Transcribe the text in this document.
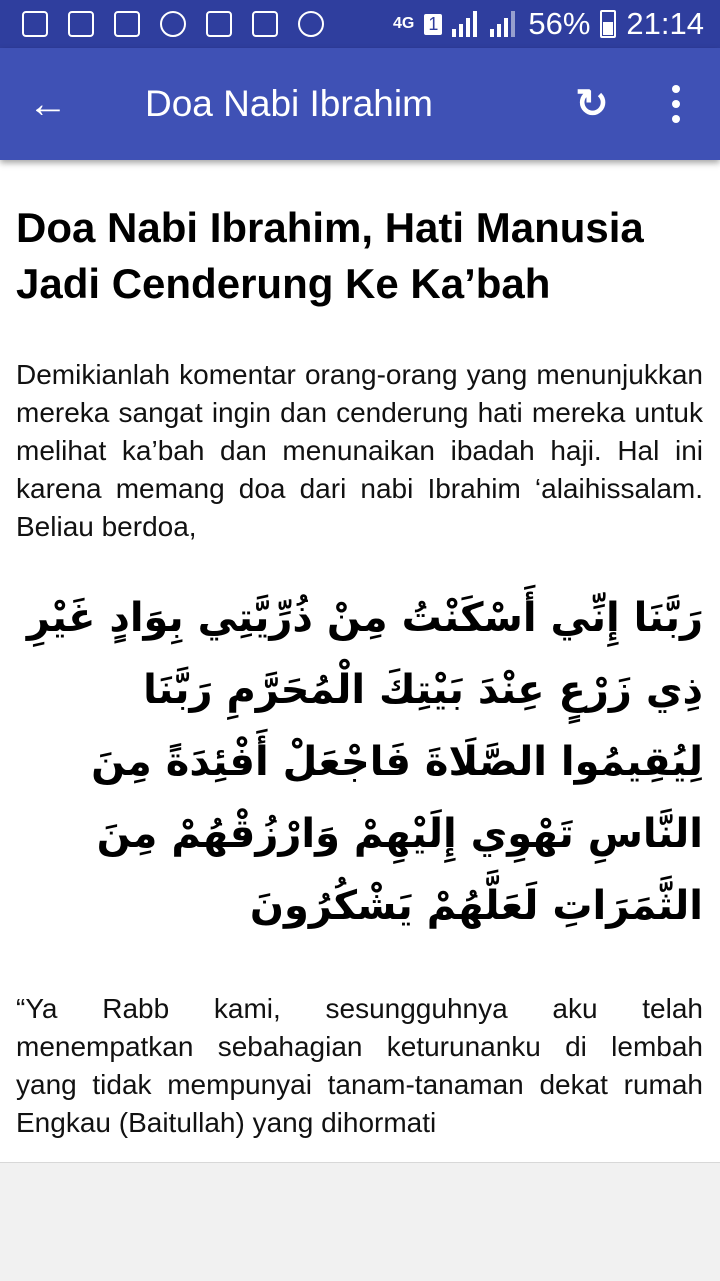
4G 1	56% 21:14
← Doa Nabi Ibrahim	↻
Doa Nabi Ibrahim, Hati Manusia Jadi Cenderung Ke Ka’bah
Demikianlah komentar orang-orang yang menunjukkan mereka sangat ingin dan cenderung hati mereka untuk melihat ka’bah dan menunaikan ibadah haji. Hal ini karena memang doa dari nabi Ibrahim ‘alaihissalam. Beliau berdoa,
رَبَّنَا إِنِّي أَسْكَنْتُ مِنْ ذُرِّيَّتِي بِوَادٍ غَيْرِ ذِي زَرْعٍ عِنْدَ بَيْتِكَ الْمُحَرَّمِ رَبَّنَا لِيُقِيمُوا الصَّلَاةَ فَاجْعَلْ أَفْئِدَةً مِنَ النَّاسِ تَهْوِي إِلَيْهِمْ وَارْزُقْهُمْ مِنَ الثَّمَرَاتِ لَعَلَّهُمْ يَشْكُرُونَ
“Ya Rabb kami, sesungguhnya aku telah menempatkan sebahagian keturunanku di lembah yang tidak mempunyai tanam-tanaman dekat rumah Engkau (Baitullah) yang dihormati
